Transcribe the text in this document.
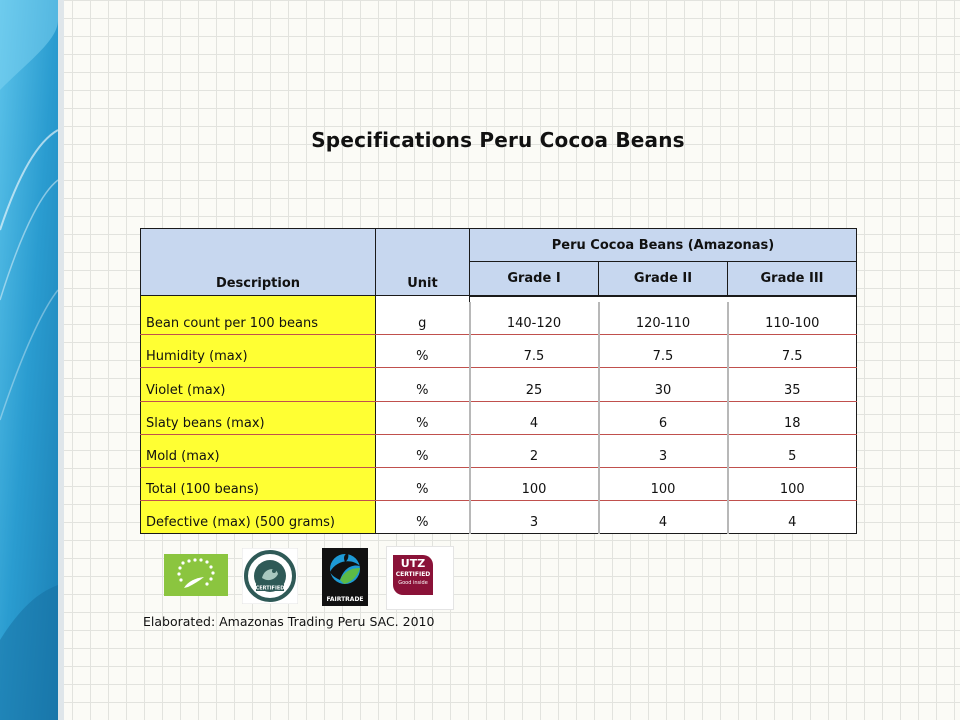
Specifications Peru Cocoa Beans
Description	Unit	Peru Cocoa Beans (Amazonas)		
		Grade I	Grade II	Grade III

Bean count per 100 beans	g	140-120	120-110	110-100
Humidity (max)	%	7.5	7.5	7.5
Violet (max)	%	25	30	35
Slaty beans (max)	%	4	6	18
Mold (max)	%	2	3	5
Total (100 beans)	%	100	100	100
Defective (max) (500 grams)	%	3	4	4
CERTIFIED
FAIRTRADE
UTZ
CERTIFIED
Good inside
Elaborated: Amazonas Trading Peru SAC. 2010
